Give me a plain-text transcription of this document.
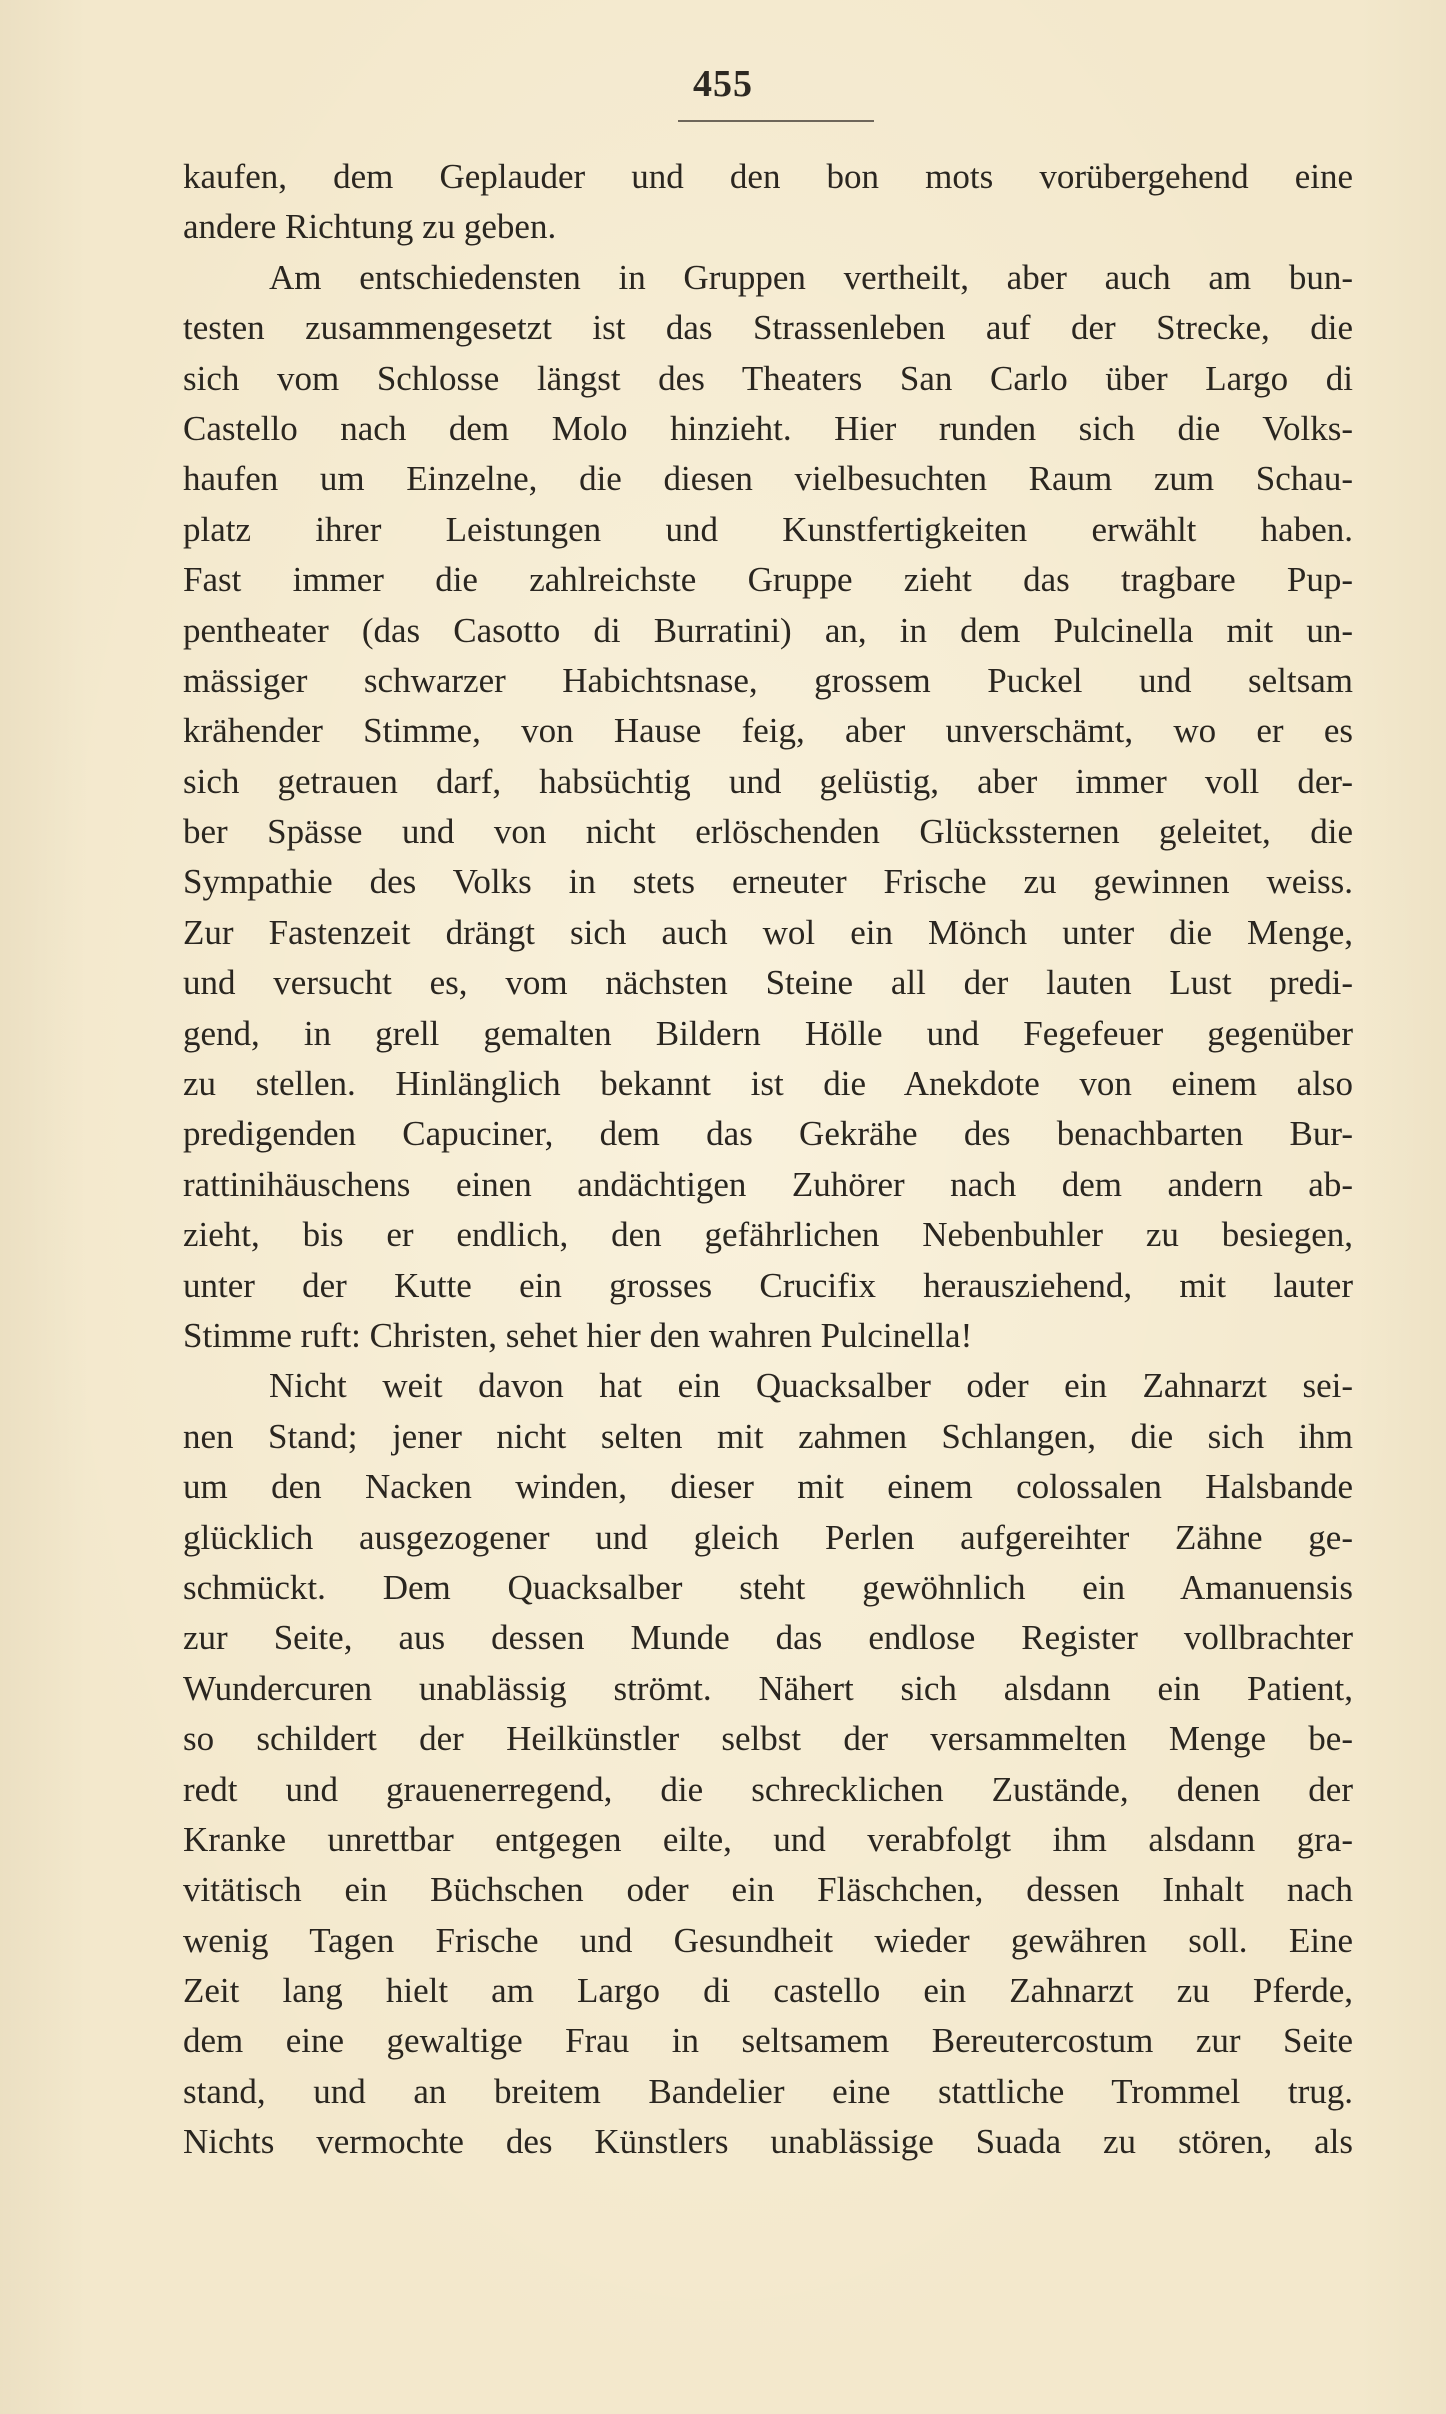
455
kaufen, dem Geplauder und den bon mots vorübergehend eine
andere Richtung zu geben.
Am entschiedensten in Gruppen vertheilt, aber auch am bun-
testen zusammengesetzt ist das Strassenleben auf der Strecke, die
sich vom Schlosse längst des Theaters San Carlo über Largo di
Castello nach dem Molo hinzieht. Hier runden sich die Volks-
haufen um Einzelne, die diesen vielbesuchten Raum zum Schau-
platz ihrer Leistungen und Kunstfertigkeiten erwählt haben.
Fast immer die zahlreichste Gruppe zieht das tragbare Pup-
pentheater (das Casotto di Burratini) an, in dem Pulcinella mit un-
mässiger schwarzer Habichtsnase, grossem Puckel und seltsam
krähender Stimme, von Hause feig, aber unverschämt, wo er es
sich getrauen darf, habsüchtig und gelüstig, aber immer voll der-
ber Spässe und von nicht erlöschenden Glückssternen geleitet, die
Sympathie des Volks in stets erneuter Frische zu gewinnen weiss.
Zur Fastenzeit drängt sich auch wol ein Mönch unter die Menge,
und versucht es, vom nächsten Steine all der lauten Lust predi-
gend, in grell gemalten Bildern Hölle und Fegefeuer gegenüber
zu stellen. Hinlänglich bekannt ist die Anekdote von einem also
predigenden Capuciner, dem das Gekrähe des benachbarten Bur-
rattinihäuschens einen andächtigen Zuhörer nach dem andern ab-
zieht, bis er endlich, den gefährlichen Nebenbuhler zu besiegen,
unter der Kutte ein grosses Crucifix herausziehend, mit lauter
Stimme ruft: Christen, sehet hier den wahren Pulcinella!
Nicht weit davon hat ein Quacksalber oder ein Zahnarzt sei-
nen Stand; jener nicht selten mit zahmen Schlangen, die sich ihm
um den Nacken winden, dieser mit einem colossalen Halsbande
glücklich ausgezogener und gleich Perlen aufgereihter Zähne ge-
schmückt. Dem Quacksalber steht gewöhnlich ein Amanuensis
zur Seite, aus dessen Munde das endlose Register vollbrachter
Wundercuren unablässig strömt. Nähert sich alsdann ein Patient,
so schildert der Heilkünstler selbst der versammelten Menge be-
redt und grauenerregend, die schrecklichen Zustände, denen der
Kranke unrettbar entgegen eilte, und verabfolgt ihm alsdann gra-
vitätisch ein Büchschen oder ein Fläschchen, dessen Inhalt nach
wenig Tagen Frische und Gesundheit wieder gewähren soll. Eine
Zeit lang hielt am Largo di castello ein Zahnarzt zu Pferde,
dem eine gewaltige Frau in seltsamem Bereutercostum zur Seite
stand, und an breitem Bandelier eine stattliche Trommel trug.
Nichts vermochte des Künstlers unablässige Suada zu stören, als
